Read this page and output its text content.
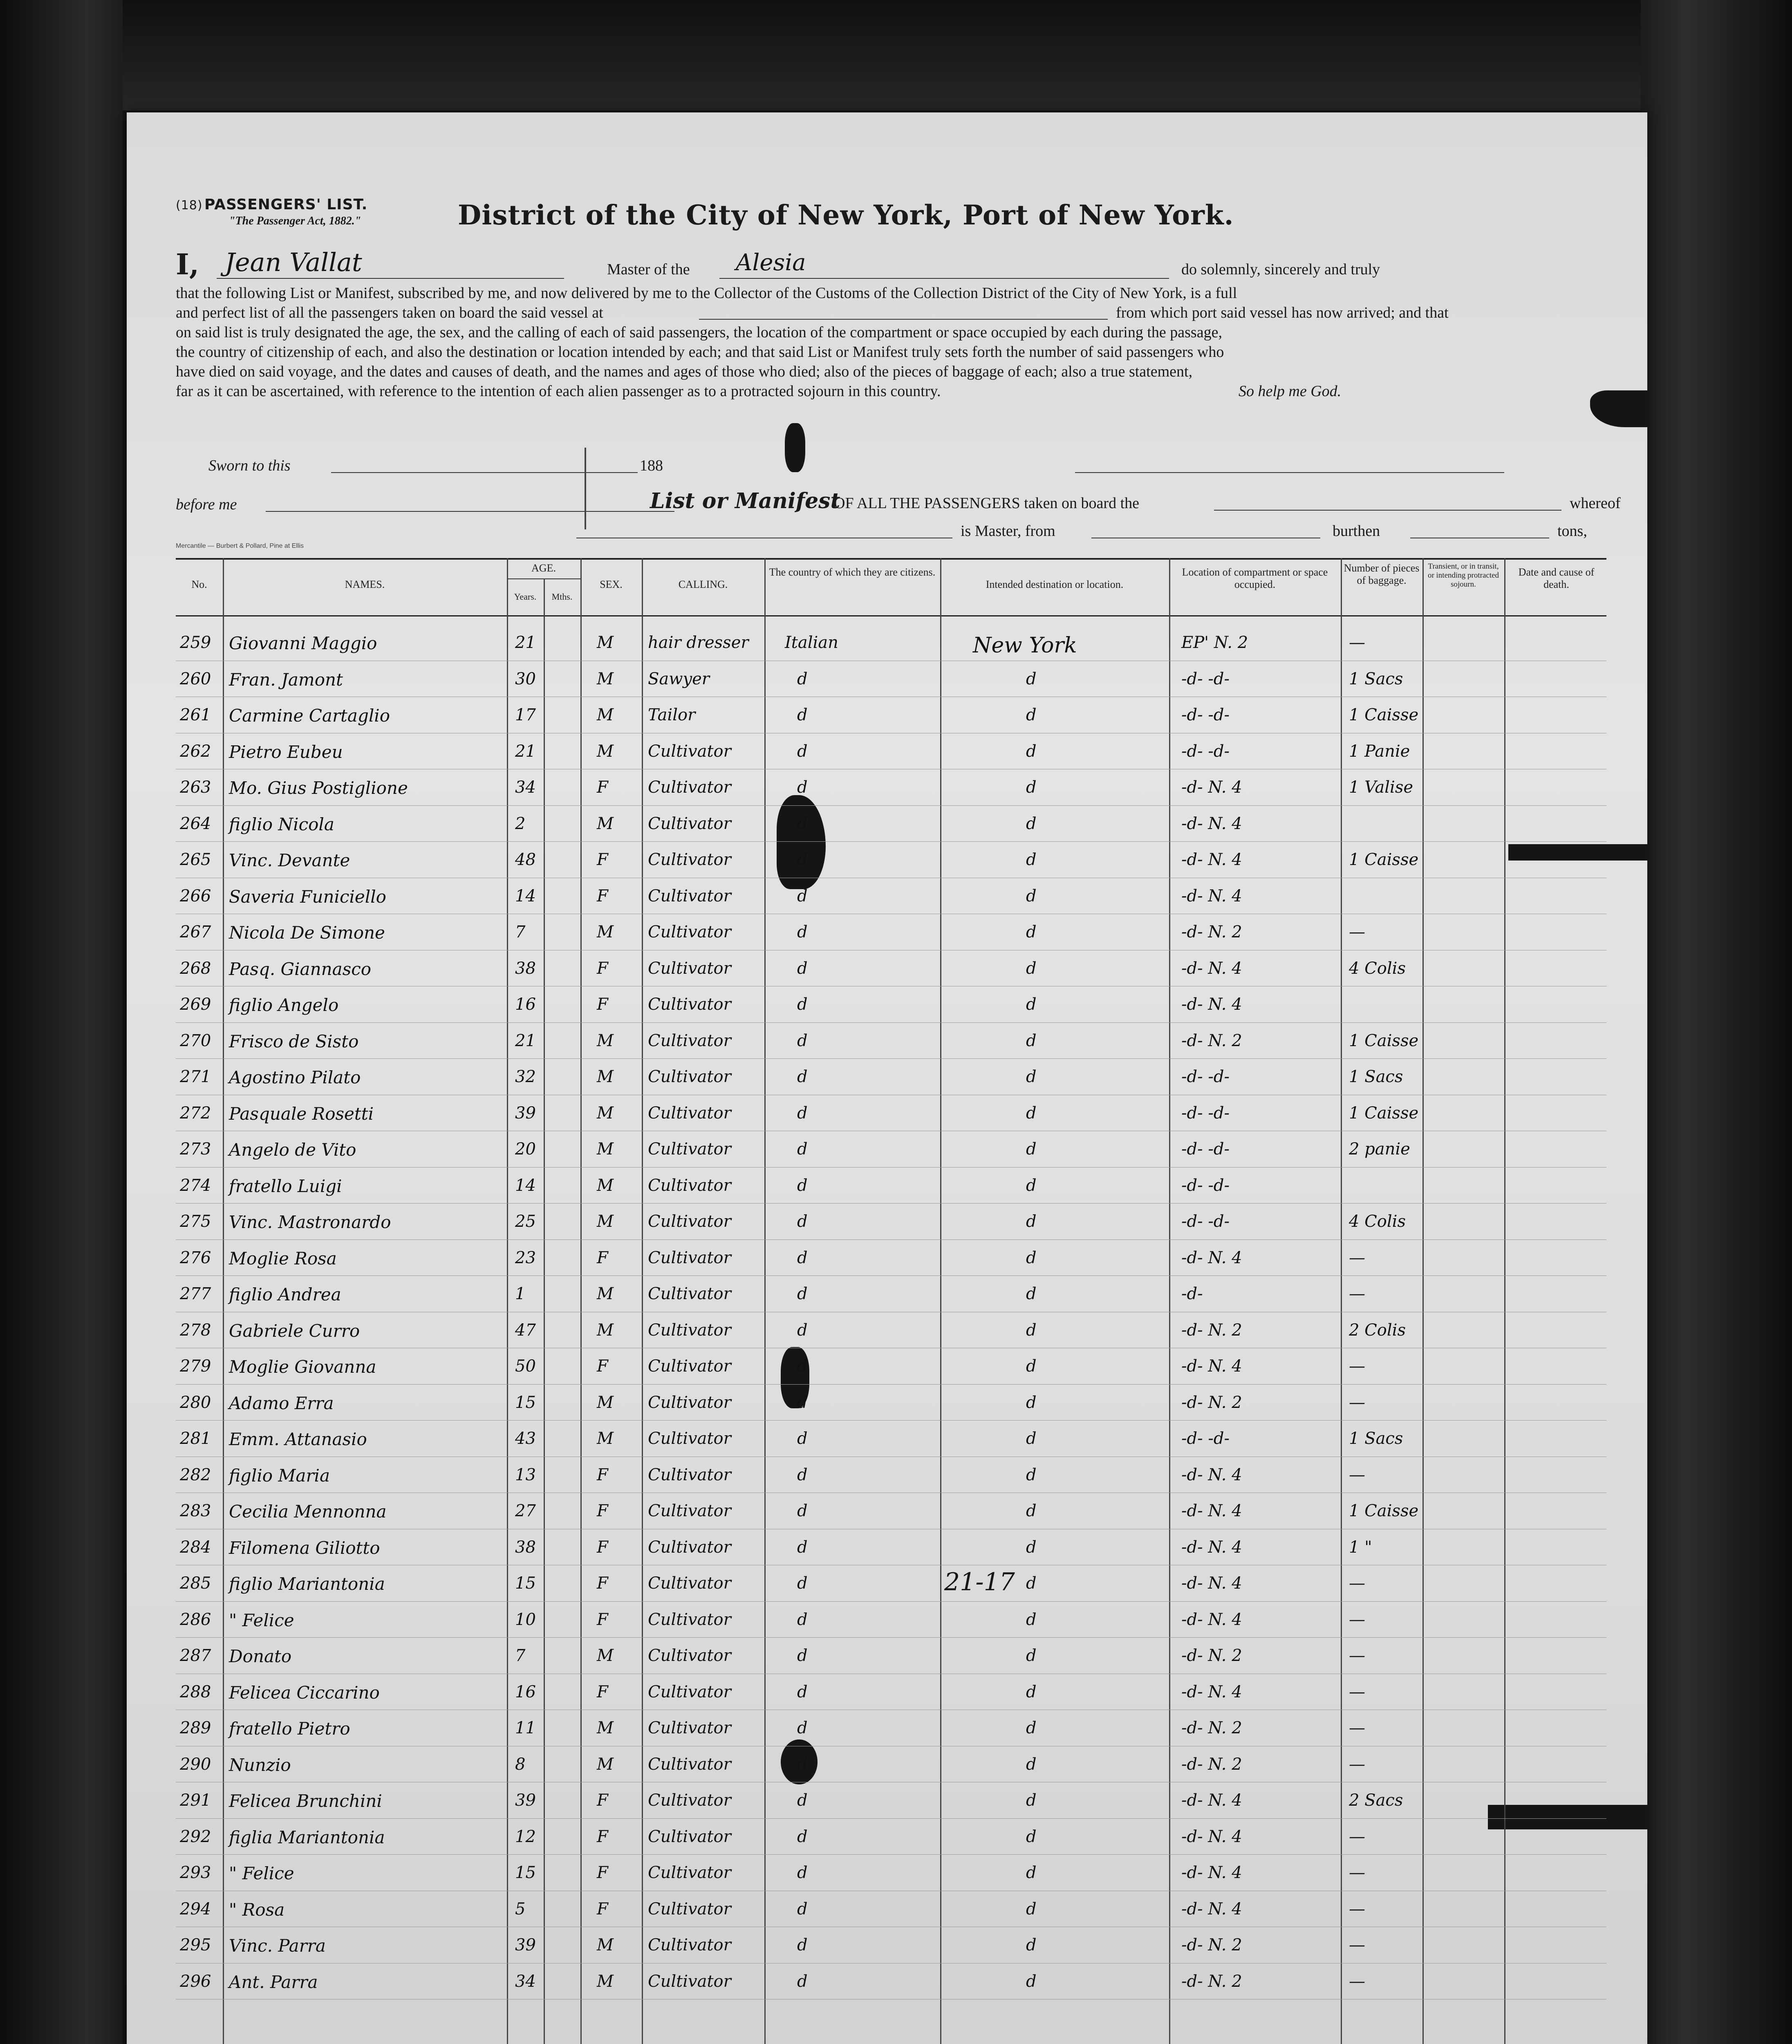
(18) PASSENGERS' LIST.
"The Passenger Act, 1882."	District of the City of New York, Port of New York.
I, Jean Vallat	Master of the Alesia	do solemnly, sincerely and truly
that the following List or Manifest, subscribed by me, and now delivered by me to the Collector of the Customs of the Collection District of the City of New York, is a full
and perfect list of all the passengers taken on board the said vessel at	from which port said vessel has now arrived; and that
on said list is truly designated the age, the sex, and the calling of each of said passengers, the location of the compartment or space occupied by each during the passage,
the country of citizenship of each, and also the destination or location intended by each; and that said List or Manifest truly sets forth the number of said passengers who
have died on said voyage, and the dates and causes of death, and the names and ages of those who died; also of the pieces of baggage of each; also a true statement,
far as it can be ascertained, with reference to the intention of each alien passenger as to a protracted sojourn in this country.	So help me God.
Sworn to this	188
before me
Mercantile — Burbert & Pollard, Pine at Ellis
List or Manifest
OF ALL THE PASSENGERS taken on board the	whereof
is Master, from	burthen	tons,
No.	NAMES.
AGE.
Years.	Mths.
SEX.	CALLING.
The country of which they are citizens.
Intended destination or location.
Location of compartment or space occupied.
Number of pieces of baggage.
Transient, or in transit, or intending protracted sojourn.
Date and cause of death.
259 Giovanni Maggio	21	M hair dresser Italian	New York	EP' N. 2	—
260 Fran. Jamont	30	M Sawyer	d	d	-d- -d-	1 Sacs
261 Carmine Cartaglio	17	M Tailor	d	d	-d- -d-	1 Caisse
262 Pietro Eubeu	21	M Cultivator	d	d	-d- -d-	1 Panie
263 Mo. Gius Postiglione	34	F Cultivator	d	d	-d- N. 4	1 Valise
264 figlio Nicola	2	M Cultivator	d	d	-d- N. 4
265 Vinc. Devante	48	F Cultivator	d	d	-d- N. 4	1 Caisse
266 Saveria Funiciello	14	F Cultivator	d	d	-d- N. 4
267 Nicola De Simone	7	M Cultivator	d	d	-d- N. 2	—
268 Pasq. Giannasco	38	F Cultivator	d	d	-d- N. 4	4 Colis
269 figlio Angelo	16	F Cultivator	d	d	-d- N. 4
270 Frisco de Sisto	21	M Cultivator	d	d	-d- N. 2	1 Caisse
271 Agostino Pilato	32	M Cultivator	d	d	-d- -d-	1 Sacs
272 Pasquale Rosetti	39	M Cultivator	d	d	-d- -d-	1 Caisse
273 Angelo de Vito	20	M Cultivator	d	d	-d- -d-	2 panie
274 fratello Luigi	14	M Cultivator	d	d	-d- -d-
275 Vinc. Mastronardo	25	M Cultivator	d	d	-d- -d-	4 Colis
276 Moglie Rosa	23	F Cultivator	d	d	-d- N. 4	—
277 figlio Andrea	1	M Cultivator	d	d	-d-	—
278 Gabriele Curro	47	M Cultivator	d	d	-d- N. 2	2 Colis
279 Moglie Giovanna	50	F Cultivator	d	d	-d- N. 4	—
280 Adamo Erra	15	M Cultivator	d	d	-d- N. 2	—
281 Emm. Attanasio	43	M Cultivator	d	d	-d- -d-	1 Sacs
282 figlio Maria	13	F Cultivator	d	d	-d- N. 4	—
283 Cecilia Mennonna	27	F Cultivator	d	d	-d- N. 4	1 Caisse
284 Filomena Giliotto	38	F Cultivator	d	d	-d- N. 4	1 "
285 figlio Mariantonia	15	F Cultivator	d	d	-d- N. 4	—
286 " Felice	10	F Cultivator	d	d	-d- N. 4	—
287 Donato	7	M Cultivator	d	d	-d- N. 2	—
288 Felicea Ciccarino	16	F Cultivator	d	d	-d- N. 4	—
289 fratello Pietro	11	M Cultivator	d	d	-d- N. 2	—
290 Nunzio	8	M Cultivator	d	d	-d- N. 2	—
291 Felicea Brunchini	39	F Cultivator	d	d	-d- N. 4	2 Sacs
292 figlia Mariantonia	12	F Cultivator	d	d	-d- N. 4	—
293 " Felice	15	F Cultivator	d	d	-d- N. 4	—
294 " Rosa	5	F Cultivator	d	d	-d- N. 4	—
295 Vinc. Parra	39	M Cultivator	d	d	-d- N. 2	—
296 Ant. Parra	34	M Cultivator	d	d	-d- N. 2	—
21-17
